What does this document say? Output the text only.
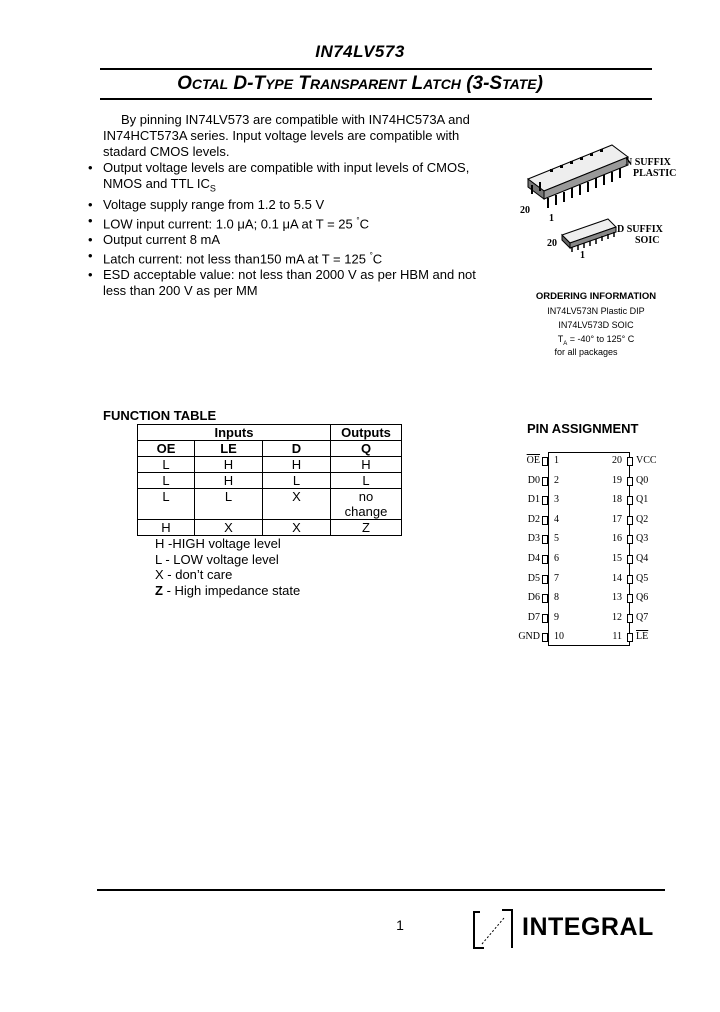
IN74LV573
OCTAL D-TYPE TRANSPARENT LATCH (3-STATE)
By pinning IN74LV573 are compatible with IN74HC573A and IN74HCT573A series. Input voltage levels are compatible with stadard CMOS levels.
• Output voltage levels are compatible with input levels of CMOS, NMOS and TTL $IC_S$
• Voltage supply range from 1.2 to 5.5 V
• LOW input current: 1.0 μA; 0.1 μA at T = 25 °C
• Output current 8 mA
• Latch current: not less than150 mA at T = 125 °C
• ESD acceptable value: not less than 2000 V as per HBM and not less than 200 V as per MM
N SUFFIX
PLASTIC
D SUFFIX
SOIC
20
1
20
1
ORDERING INFORMATION
IN74LV573N Plastic DIP
IN74LV573D SOIC
$T_A = -40^\circ$ to 125° C
for all packages
FUNCTION TABLE
Inputs			Outputs
$\overline{OE}$	LE	D	Q
L	H	H	H
L	H	L	L
L	L	X	no change
H	X	X	Z
H -HIGH voltage level
L - LOW voltage level
X - don’t care
Z - High impedance state
PIN ASSIGNMENT
$\overline{OE}$ 1
D0 2
D1 3
D2 4
D3 5
D4 6
D5 7
D6 8
D7 9
GND 10
20 VCC
19 Q0
18 Q1
17 Q2
16 Q3
15 Q4
14 Q5
13 Q6
12 Q7
11 $\overline{LE}$
1	INTEGRAL
